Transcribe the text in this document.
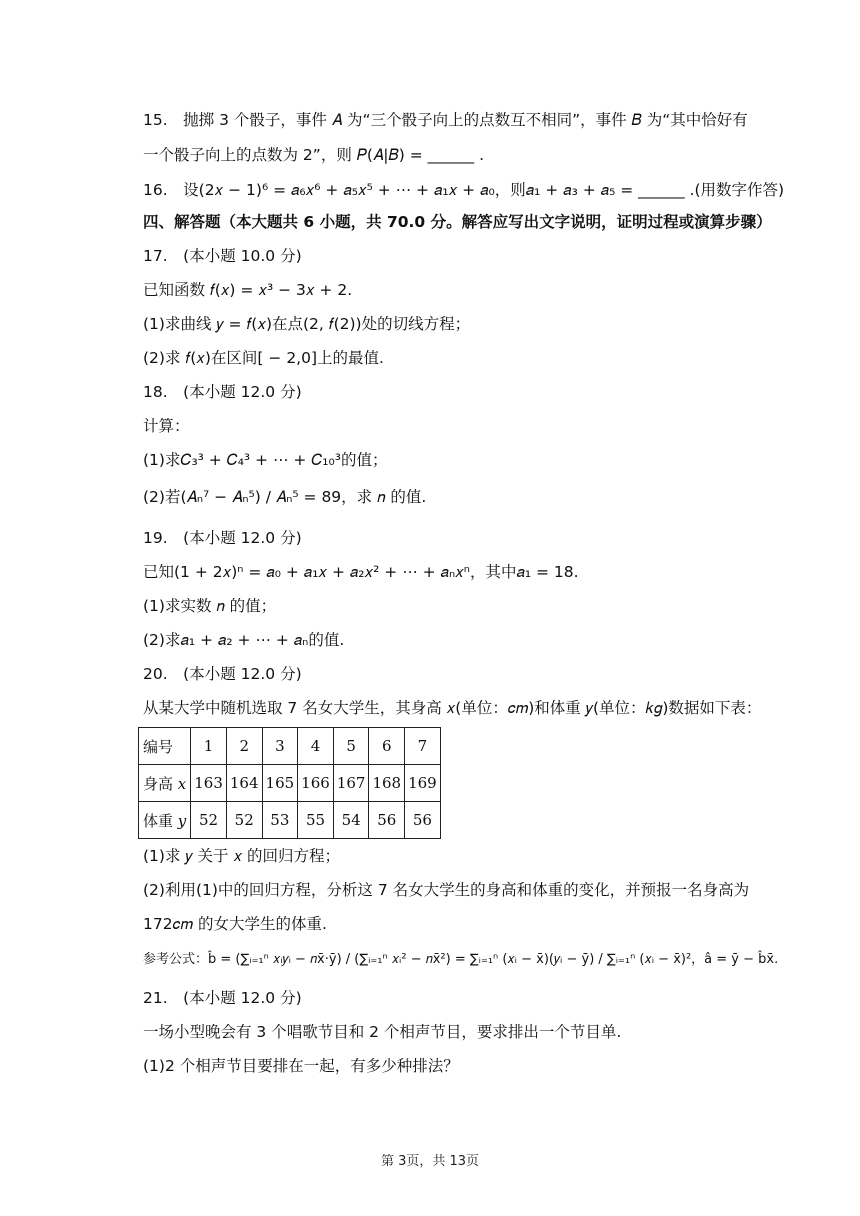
15.　抛掷 3 个骰子，事件 𝐴 为“三个骰子向上的点数互不相同”，事件 𝐵 为“其中恰好有
一个骰子向上的点数为 2”，则 𝑃(𝐴|𝐵) = ______ .
16.　设(2𝑥 − 1)⁶ = 𝑎₆𝑥⁶ + 𝑎₅𝑥⁵ + ⋯ + 𝑎₁𝑥 + 𝑎₀，则𝑎₁ + 𝑎₃ + 𝑎₅ = ______ .(用数字作答)
四、解答题（本大题共 6 小题，共 70.0 分。解答应写出文字说明，证明过程或演算步骤）
17.　(本小题 10.0 分)
已知函数 𝑓(𝑥) = 𝑥³ − 3𝑥 + 2.
(1)求曲线 𝑦 = 𝑓(𝑥)在点(2, 𝑓(2))处的切线方程；
(2)求 𝑓(𝑥)在区间[ − 2,0]上的最值.
18.　(本小题 12.0 分)
计算：
(1)求𝐶₃³ + 𝐶₄³ + ⋯ + 𝐶₁₀³的值；
(2)若(𝐴ₙ⁷ − 𝐴ₙ⁵) / 𝐴ₙ⁵ = 89，求 𝑛 的值.
19.　(本小题 12.0 分)
已知(1 + 2𝑥)ⁿ = 𝑎₀ + 𝑎₁𝑥 + 𝑎₂𝑥² + ⋯ + 𝑎ₙ𝑥ⁿ，其中𝑎₁ = 18.
(1)求实数 𝑛 的值；
(2)求𝑎₁ + 𝑎₂ + ⋯ + 𝑎ₙ的值.
20.　(本小题 12.0 分)
从某大学中随机选取 7 名女大学生，其身高 𝑥(单位：𝑐𝑚)和体重 𝑦(单位：𝑘𝑔)数据如下表：
编号	1	2	3	4	5	6	7
身高 𝑥	163	164	165	166	167	168	169
体重 𝑦	52	52	53	55	54	56	56
(1)求 𝑦 关于 𝑥 的回归方程；
(2)利用(1)中的回归方程，分析这 7 名女大学生的身高和体重的变化，并预报一名身高为
172𝑐𝑚 的女大学生的体重.
参考公式：b̂ = (∑ᵢ₌₁ⁿ 𝑥ᵢ𝑦ᵢ − 𝑛x̄·ȳ) / (∑ᵢ₌₁ⁿ 𝑥ᵢ² − 𝑛x̄²) = ∑ᵢ₌₁ⁿ (𝑥ᵢ − x̄)(𝑦ᵢ − ȳ) / ∑ᵢ₌₁ⁿ (𝑥ᵢ − x̄)²，â = ȳ − b̂x̄.
21.　(本小题 12.0 分)
一场小型晚会有 3 个唱歌节目和 2 个相声节目，要求排出一个节目单.
(1)2 个相声节目要排在一起，有多少种排法？
第 3页，共 13页
